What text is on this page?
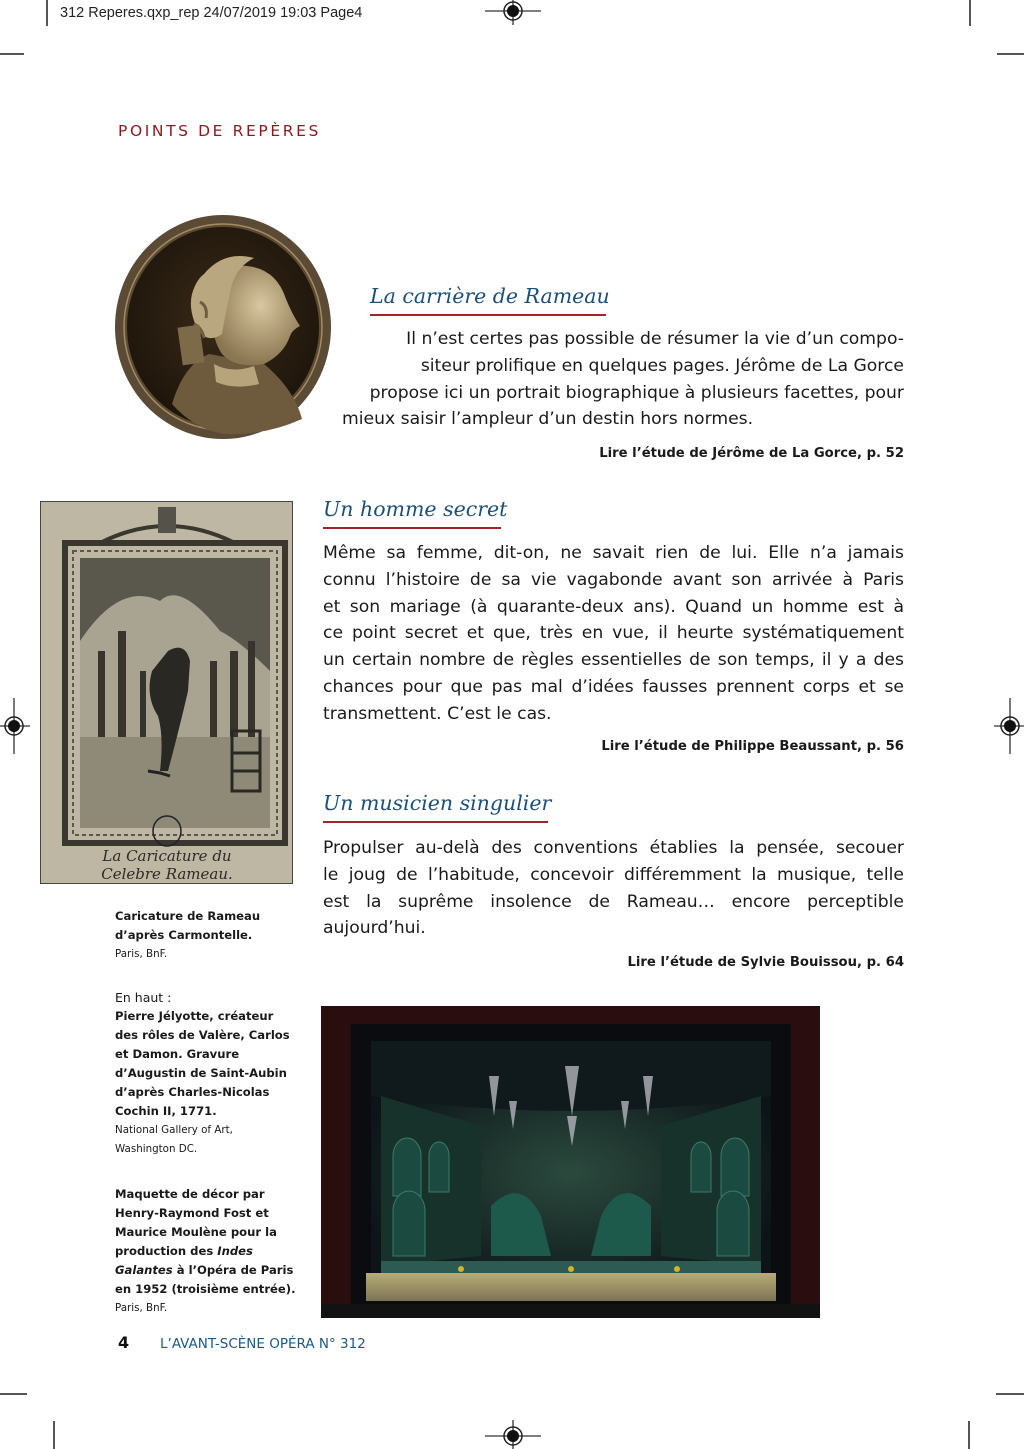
312 Reperes.qxp_rep 24/07/2019 19:03 Page4
POINTS DE REPÈRES
La carrière de Rameau
Il n’est certes pas possible de résumer la vie d’un compo-
siteur prolifique en quelques pages. Jérôme de La Gorce
propose ici un portrait biographique à plusieurs facettes, pour
mieux saisir l’ampleur d’un destin hors normes.
Lire l’étude de Jérôme de La Gorce, p. 52
La Caricature du
Celebre Rameau.
Un homme secret
Même sa femme, dit-on, ne savait rien de lui. Elle n’a jamais
connu l’histoire de sa vie vagabonde avant son arrivée à Paris
et son mariage (à quarante-deux ans). Quand un homme est à
ce point secret et que, très en vue, il heurte systématiquement
un certain nombre de règles essentielles de son temps, il y a des
chances pour que pas mal d’idées fausses prennent corps et se
transmettent. C’est le cas.
Lire l’étude de Philippe Beaussant, p. 56
Un musicien singulier
Propulser au-delà des conventions établies la pensée, secouer
le joug de l’habitude, concevoir différemment la musique, telle
est la suprême insolence de Rameau… encore perceptible
aujourd’hui.
Lire l’étude de Sylvie Bouissou, p. 64
Caricature de Rameau
d’après Carmontelle.
Paris, BnF.
En haut :
Pierre Jélyotte, créateur
des rôles de Valère, Carlos
et Damon. Gravure
d’Augustin de Saint-Aubin
d’après Charles-Nicolas
Cochin II, 1771.
National Gallery of Art,
Washington DC.
Maquette de décor par
Henry-Raymond Fost et
Maurice Moulène pour la
production des Indes
Galantes à l’Opéra de Paris
en 1952 (troisième entrée).
Paris, BnF.
4 L’AVANT-SCÈNE OPÉRA N° 312
